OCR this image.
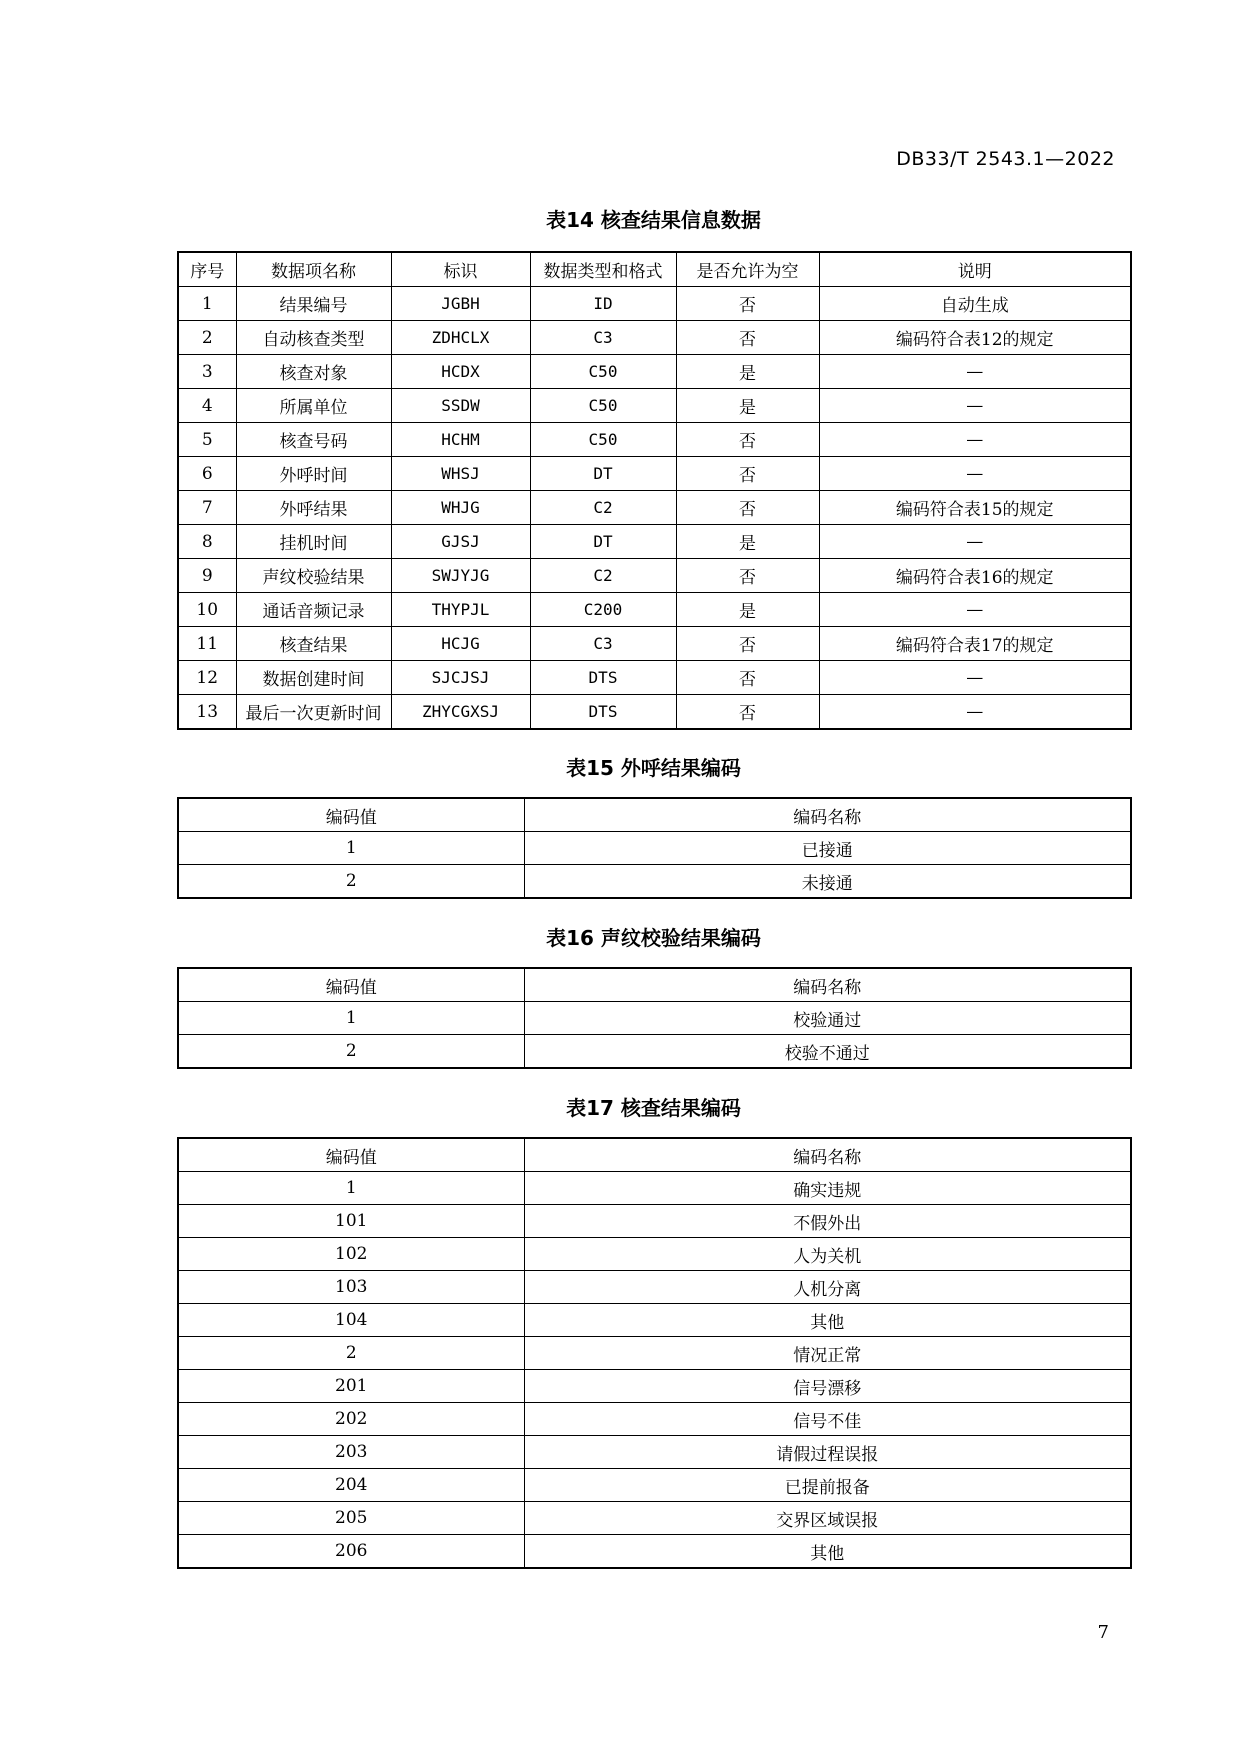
DB33/T 2543.1—2022
表14 核查结果信息数据
序号	数据项名称	标识	数据类型和格式	是否允许为空	说明
1	结果编号	JGBH	ID	否	自动生成
2	自动核查类型	ZDHCLX	C3	否	编码符合表12的规定
3	核查对象	HCDX	C50	是	—
4	所属单位	SSDW	C50	是	—
5	核查号码	HCHM	C50	否	—
6	外呼时间	WHSJ	DT	否	—
7	外呼结果	WHJG	C2	否	编码符合表15的规定
8	挂机时间	GJSJ	DT	是	—
9	声纹校验结果	SWJYJG	C2	否	编码符合表16的规定
10	通话音频记录	THYPJL	C200	是	—
11	核查结果	HCJG	C3	否	编码符合表17的规定
12	数据创建时间	SJCJSJ	DTS	否	—
13	最后一次更新时间	ZHYCGXSJ	DTS	否	—
表15 外呼结果编码
编码值	编码名称
1	已接通
2	未接通
表16 声纹校验结果编码
编码值	编码名称
1	校验通过
2	校验不通过
表17 核查结果编码
编码值	编码名称
1	确实违规
101	不假外出
102	人为关机
103	人机分离
104	其他
2	情况正常
201	信号漂移
202	信号不佳
203	请假过程误报
204	已提前报备
205	交界区域误报
206	其他
7
